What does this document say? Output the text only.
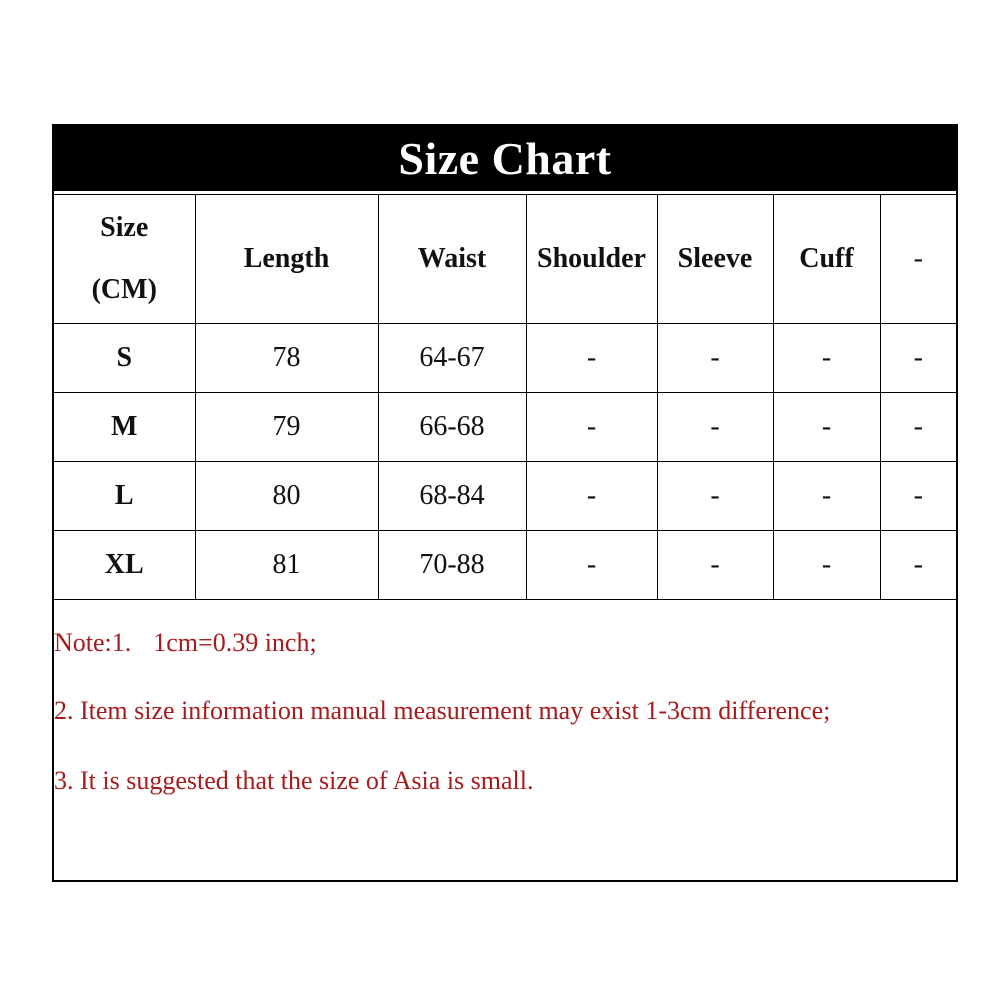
Size Chart
Size
(CM)	Length	Waist	Shoulder	Sleeve	Cuff	-
S	78	64-67	-	-	-	-
M	79	66-68	-	-	-	-
L	80	68-84	-	-	-	-
XL	81	70-88	-	-	-	-
Note:1. 1cm=0.39 inch;
2. Item size information manual measurement may exist 1-3cm difference;
3. It is suggested that the size of Asia is small.
